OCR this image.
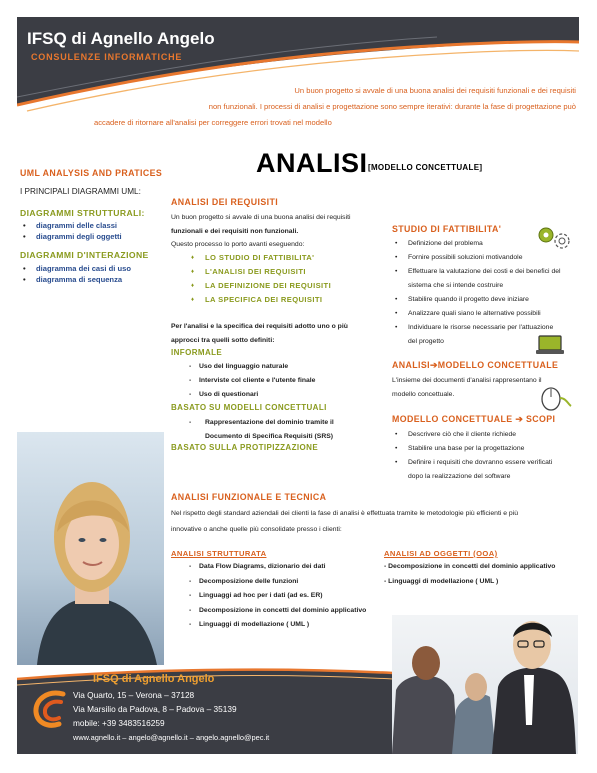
IFSQ di Agnello Angelo
CONSULENZE INFORMATICHE
Un buon progetto si avvale di una buona analisi dei requisiti funzionali e dei requisiti
non funzionali. I processi di analisi e progettazione sono sempre iterativi: durante la fase di progettazione può
accadere di ritornare all'analisi per correggere errori trovati nel modello
ANALISI [MODELLO CONCETTUALE]
UML ANALYSIS AND PRATICES
I PRINCIPALI DIAGRAMMI UML:
DIAGRAMMI STRUTTURALI:
• diagrammi delle classi
• diagrammi degli oggetti
DIAGRAMMI D'INTERAZIONE
• diagramma dei casi di uso
• diagramma di sequenza
ANALISI DEI REQUISITI
Un buon progetto si avvale di una buona analisi dei requisiti
funzionali e dei requisiti non funzionali.
Questo processo lo porto avanti eseguendo:
♦ LO STUDIO DI FATTIBILITA'
♦ L'ANALISI DEI REQUISITI
♦ LA DEFINIZIONE DEI REQUISITI
♦ LA SPECIFICA DEI REQUISITI
Per l'analisi e la specifica dei requisiti adotto uno o più
approcci tra quelli sotto definiti:
INFORMALE
- Uso del linguaggio naturale
- Interviste col cliente e l'utente finale
- Uso di questionari
BASATO SU MODELLI CONCETTUALI
- Rappresentazione del dominio tramite il
Documento di Specifica Requisiti (SRS)
BASATO SULLA PROTIPIZZAZIONE
STUDIO DI FATTIBILITA'
• Definizione del problema
• Fornire possibili soluzioni motivandole
• Effettuare la valutazione dei costi e dei benefici del
sistema che si intende costruire
• Stabilire quando il progetto deve iniziare
• Analizzare quali siano le alternative possibili
• Individuare le risorse necessarie per l'attuazione
del progetto
ANALISI➔MODELLO CONCETTUALE
L'insieme dei documenti d'analisi rappresentano il
modello concettuale.
MODELLO CONCETTUALE ➔ SCOPI
• Descrivere ciò che il cliente richiede
• Stabilire una base per la progettazione
• Definire i requisiti che dovranno essere verificati
dopo la realizzazione del software
ANALISI FUNZIONALE E TECNICA
Nel rispetto degli standard aziendali dei clienti la fase di analisi è effettuata tramite le metodologie più efficienti e più
innovative o anche quelle più consolidate presso i clienti:
ANALISI STRUTTURATA
- Data Flow Diagrams, dizionario dei dati
- Decomposizione delle funzioni
- Linguaggi ad hoc per i dati (ad es. ER)
- Decomposizione in concetti del dominio applicativo
- Linguaggi di modellazione ( UML )
ANALISI AD OGGETTI (OOA)
- Decomposizione in concetti del dominio applicativo
- Linguaggi di modellazione ( UML )
IFSQ di Agnello Angelo
Via Quarto, 15 – Verona – 37128
Via Marsilio da Padova, 8 – Padova – 35139
mobile: +39 3483516259
www.agnello.it – angelo@agnello.it – angelo.agnello@pec.it
